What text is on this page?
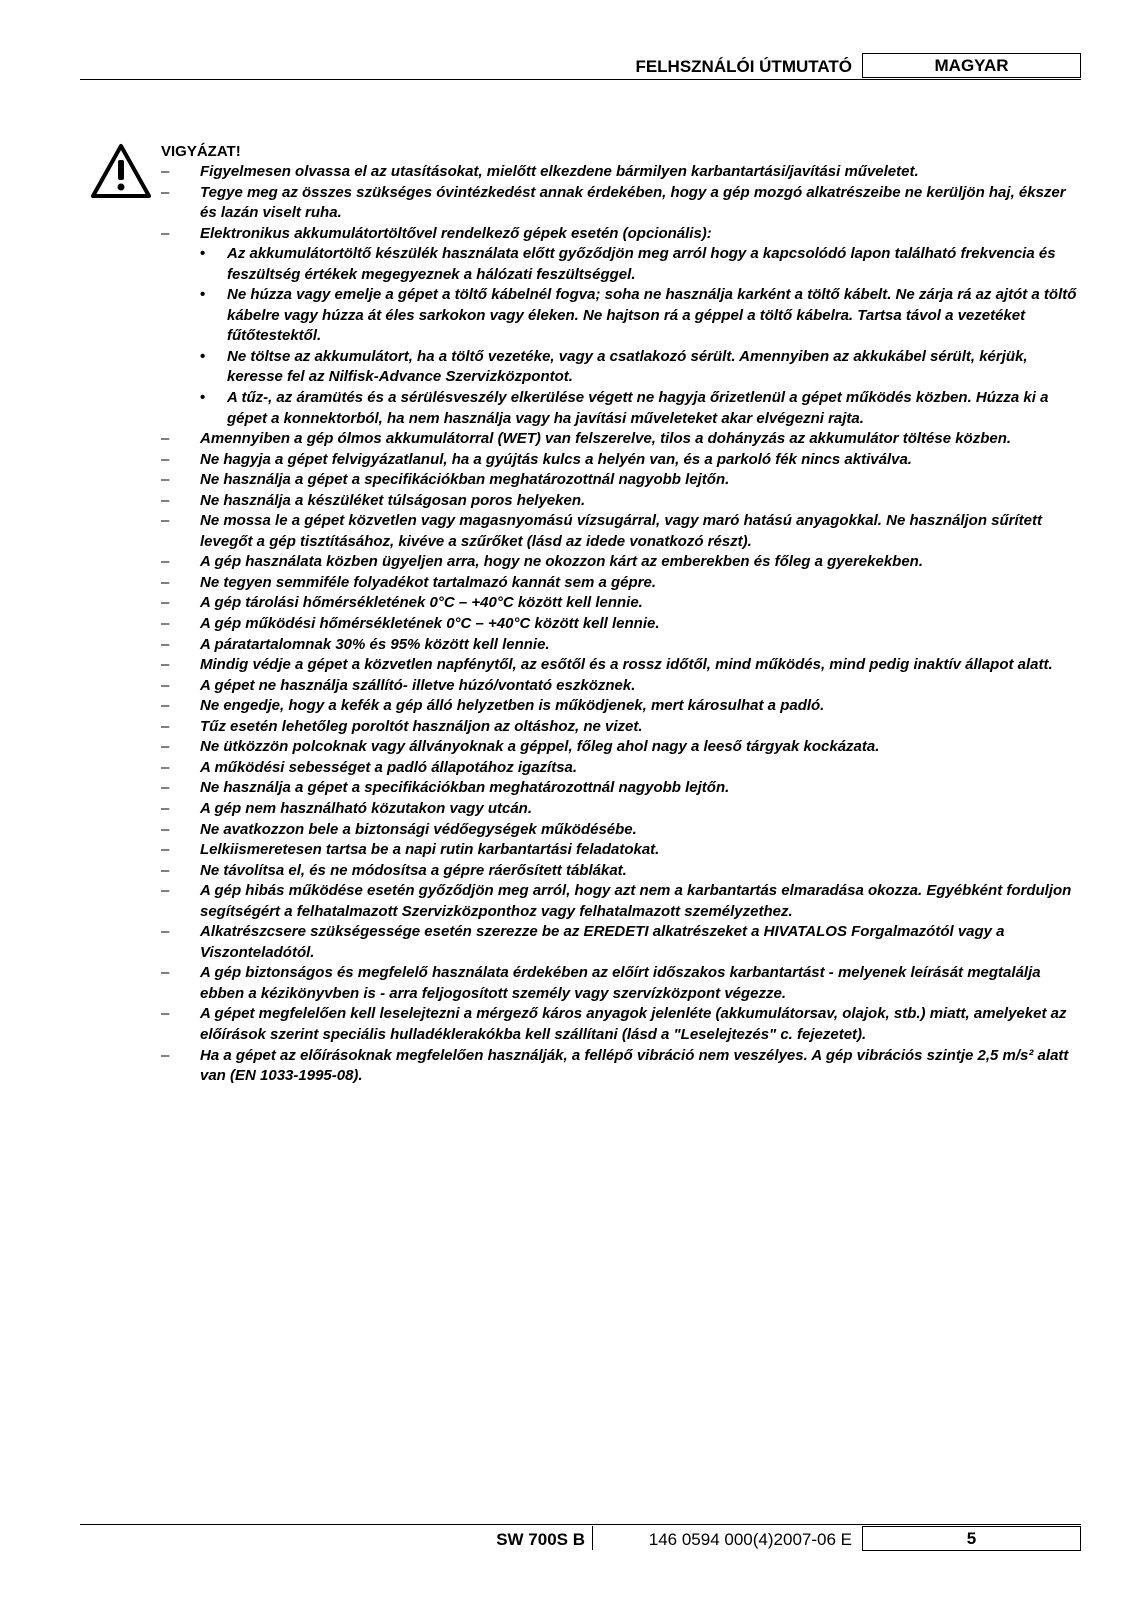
FELHSZNÁLÓI ÚTMUTATÓ	MAGYAR
VIGYÁZAT!
– Figyelmesen olvassa el az utasításokat, mielőtt elkezdene bármilyen karbantartási/javítási műveletet.
– Tegye meg az összes szükséges óvintézkedést annak érdekében, hogy a gép mozgó alkatrészeibe ne kerüljön haj, ékszer és lazán viselt ruha.
– Elektronikus akkumulátortöltővel rendelkező gépek esetén (opcionális):
• Az akkumulátortöltő készülék használata előtt győződjön meg arról hogy a kapcsolódó lapon található frekvencia és feszültség értékek megegyeznek a hálózati feszültséggel.
• Ne húzza vagy emelje a gépet a töltő kábelnél fogva; soha ne használja karként a töltő kábelt. Ne zárja rá az ajtót a töltő kábelre vagy húzza át éles sarkokon vagy éleken. Ne hajtson rá a géppel a töltő kábelra. Tartsa távol a vezetéket fűtőtestektől.
• Ne töltse az akkumulátort, ha a töltő vezetéke, vagy a csatlakozó sérült. Amennyiben az akkukábel sérült, kérjük, keresse fel az Nilfisk-Advance Szervizközpontot.
• A tűz-, az áramütés és a sérülésveszély elkerülése végett ne hagyja őrizetlenül a gépet működés közben. Húzza ki a gépet a konnektorból, ha nem használja vagy ha javítási műveleteket akar elvégezni rajta.
– Amennyiben a gép ólmos akkumulátorral (WET) van felszerelve, tilos a dohányzás az akkumulátor töltése közben.
– Ne hagyja a gépet felvigyázatlanul, ha a gyújtás kulcs a helyén van, és a parkoló fék nincs aktiválva.
– Ne használja a gépet a specifikációkban meghatározottnál nagyobb lejtőn.
– Ne használja a készüléket túlságosan poros helyeken.
– Ne mossa le a gépet közvetlen vagy magasnyomású vízsugárral, vagy maró hatású anyagokkal. Ne használjon sűrített levegőt a gép tisztításához, kivéve a szűrőket (lásd az idede vonatkozó részt).
– A gép használata közben ügyeljen arra, hogy ne okozzon kárt az emberekben és főleg a gyerekekben.
– Ne tegyen semmiféle folyadékot tartalmazó kannát sem a gépre.
– A gép tárolási hőmérsékletének 0°C – +40°C között kell lennie.
– A gép működési hőmérsékletének 0°C – +40°C között kell lennie.
– A páratartalomnak 30% és 95% között kell lennie.
– Mindig védje a gépet a közvetlen napfénytől, az esőtől és a rossz időtől, mind működés, mind pedig inaktív állapot alatt.
– A gépet ne használja szállító- illetve húzó/vontató eszköznek.
– Ne engedje, hogy a kefék a gép álló helyzetben is működjenek, mert károsulhat a padló.
– Tűz esetén lehetőleg poroltót használjon az oltáshoz, ne vizet.
– Ne ütközzön polcoknak vagy állványoknak a géppel, főleg ahol nagy a leeső tárgyak kockázata.
– A működési sebességet a padló állapotához igazítsa.
– Ne használja a gépet a specifikációkban meghatározottnál nagyobb lejtőn.
– A gép nem használható közutakon vagy utcán.
– Ne avatkozzon bele a biztonsági védőegységek működésébe.
– Lelkiismeretesen tartsa be a napi rutin karbantartási feladatokat.
– Ne távolítsa el, és ne módosítsa a gépre ráerősített táblákat.
– A gép hibás működése esetén győződjön meg arról, hogy azt nem a karbantartás elmaradása okozza. Egyébként forduljon segítségért a felhatalmazott Szervizközponthoz vagy felhatalmazott személyzethez.
– Alkatrészcsere szükségessége esetén szerezze be az EREDETI alkatrészeket a HIVATALOS Forgalmazótól vagy a Viszonteladótól.
– A gép biztonságos és megfelelő használata érdekében az előírt időszakos karbantartást - melyenek leírását megtalálja ebben a kézikönyvben is - arra feljogosított személy vagy szervízközpont végezze.
– A gépet megfelelően kell leselejtezni a mérgező káros anyagok jelenléte (akkumulátorsav, olajok, stb.) miatt, amelyeket az előírások szerint speciális hulladéklerakókba kell szállítani (lásd a "Leselejtezés" c. fejezetet).
– Ha a gépet az előírásoknak megfelelően használják, a fellépő vibráció nem veszélyes. A gép vibrációs szintje 2,5 m/s² alatt van (EN 1033-1995-08).
SW 700S B	146 0594 000(4)2007-06 E	5
